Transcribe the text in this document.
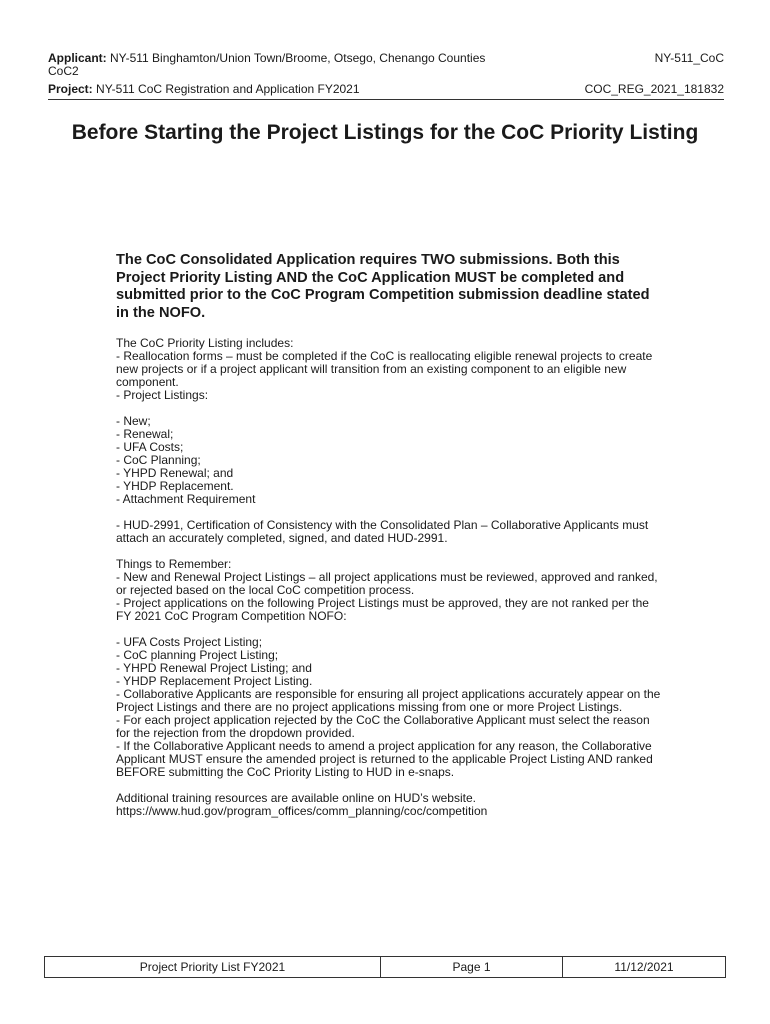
Applicant: NY-511 Binghamton/Union Town/Broome, Otsego, Chenango Counties
CoC2
NY-511_CoC
Project: NY-511 CoC Registration and Application FY2021	COC_REG_2021_181832
Before Starting the Project Listings for the CoC Priority Listing
The CoC Consolidated Application requires TWO submissions. Both this Project Priority Listing AND the CoC Application MUST be completed and submitted prior to the CoC Program Competition submission deadline stated in the NOFO.

The CoC Priority Listing includes:
- Reallocation forms – must be completed if the CoC is reallocating eligible renewal projects to create new projects or if a project applicant will transition from an existing component to an eligible new component.
- Project Listings:

- New;
- Renewal;
- UFA Costs;
- CoC Planning;
- YHPD Renewal; and
- YHDP Replacement.
- Attachment Requirement

- HUD-2991, Certification of Consistency with the Consolidated Plan – Collaborative Applicants must attach an accurately completed, signed, and dated HUD-2991.

Things to Remember:
- New and Renewal Project Listings – all project applications must be reviewed, approved and ranked, or rejected based on the local CoC competition process.
- Project applications on the following Project Listings must be approved, they are not ranked per the FY 2021 CoC Program Competition NOFO:

- UFA Costs Project Listing;
- CoC planning Project Listing;
- YHPD Renewal Project Listing; and
- YHDP Replacement Project Listing.
- Collaborative Applicants are responsible for ensuring all project applications accurately appear on the Project Listings and there are no project applications missing from one or more Project Listings.
- For each project application rejected by the CoC the Collaborative Applicant must select the reason for the rejection from the dropdown provided.
- If the Collaborative Applicant needs to amend a project application for any reason, the Collaborative Applicant MUST ensure the amended project is returned to the applicable Project Listing AND ranked BEFORE submitting the CoC Priority Listing to HUD in e-snaps.

Additional training resources are available online on HUD’s website.
https://www.hud.gov/program_offices/comm_planning/coc/competition

Project Priority List FY2021	Page 1	11/12/2021
